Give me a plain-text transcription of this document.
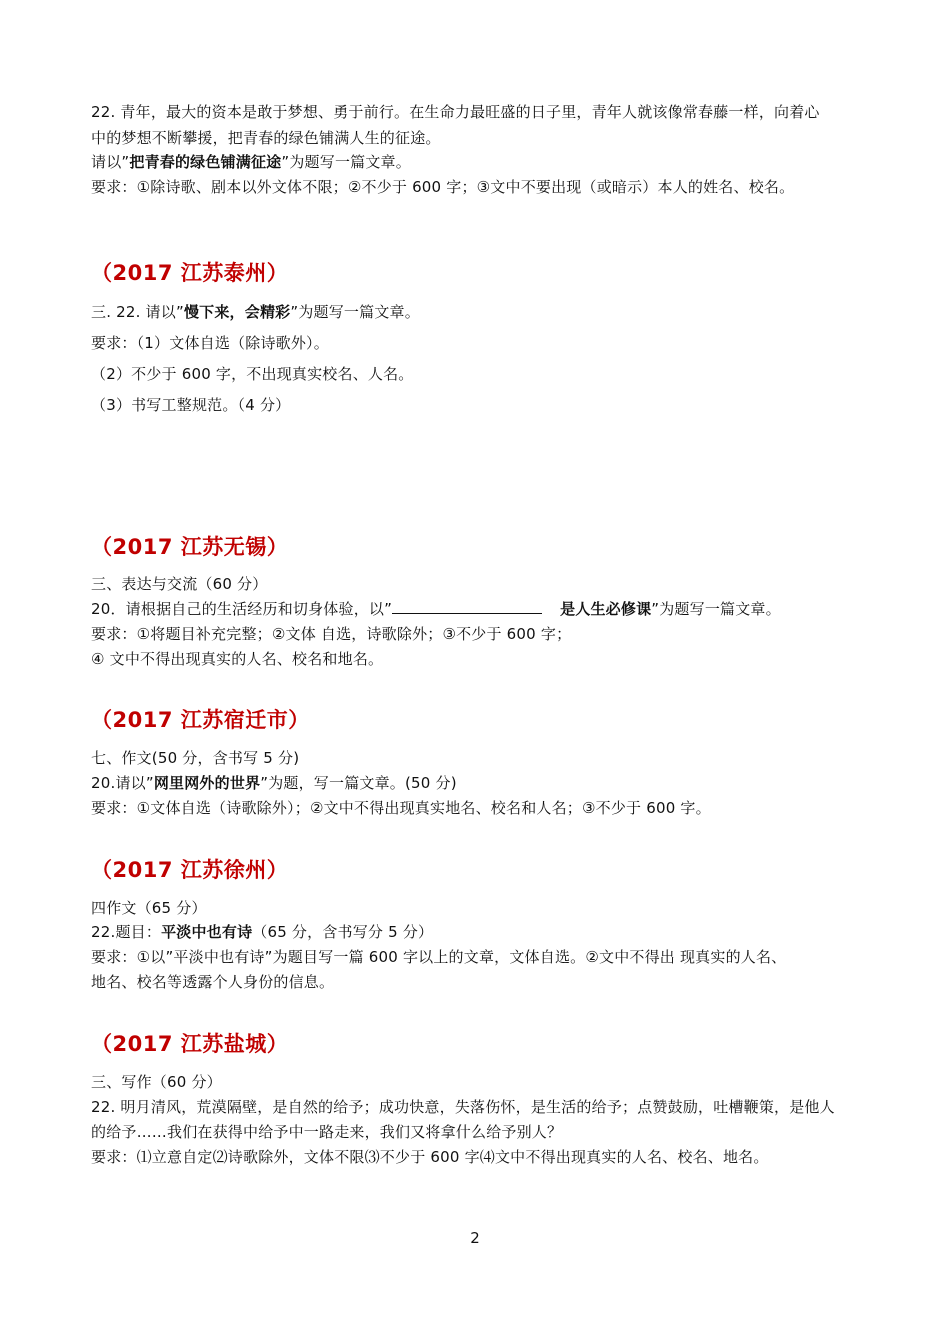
22. 青年，最大的资本是敢于梦想、勇于前行。在生命力最旺盛的日子里，青年人就该像常春藤一样，向着心
中的梦想不断攀援，把青春的绿色铺满人生的征途。
请以”把青春的绿色铺满征途”为题写一篇文章。
要求：①除诗歌、剧本以外文体不限；②不少于 600 字；③文中不要出现（或暗示）本人的姓名、校名。
（2017 江苏泰州）
三. 22. 请以”慢下来，会精彩”为题写一篇文章。
要求：（1）文体自选（除诗歌外）。
（2）不少于 600 字，不出现真实校名、人名。
（3）书写工整规范。（4 分）
（2017 江苏无锡）
三、表达与交流（60 分）
20．请根据自己的生活经历和切身体验，以”	是人生必修课”为题写一篇文章。
要求：①将题目补充完整；②文体 自选，诗歌除外；③不少于 600 字；
④ 文中不得出现真实的人名、校名和地名。
（2017 江苏宿迁市）
七、作文(50 分，含书写 5 分)
20.请以”网里网外的世界”为题，写一篇文章。(50 分)
要求：①文体自选（诗歌除外）；②文中不得出现真实地名、校名和人名；③不少于 600 字。
（2017 江苏徐州）
四作文（65 分）
22.题目：平淡中也有诗（65 分，含书写分 5 分）
要求：①以”平淡中也有诗”为题目写一篇 600 字以上的文章，文体自选。②文中不得出 现真实的人名、
地名、校名等透露个人身份的信息。
（2017 江苏盐城）
三、写作（60 分）
22. 明月清风，荒漠隔壁，是自然的给予；成功快意，失落伤怀，是生活的给予；点赞鼓励，吐槽鞭策，是他人
的给予……我们在获得中给予中一路走来，我们又将拿什么给予别人？
要求：⑴立意自定⑵诗歌除外，文体不限⑶不少于 600 字⑷文中不得出现真实的人名、校名、地名。
2
